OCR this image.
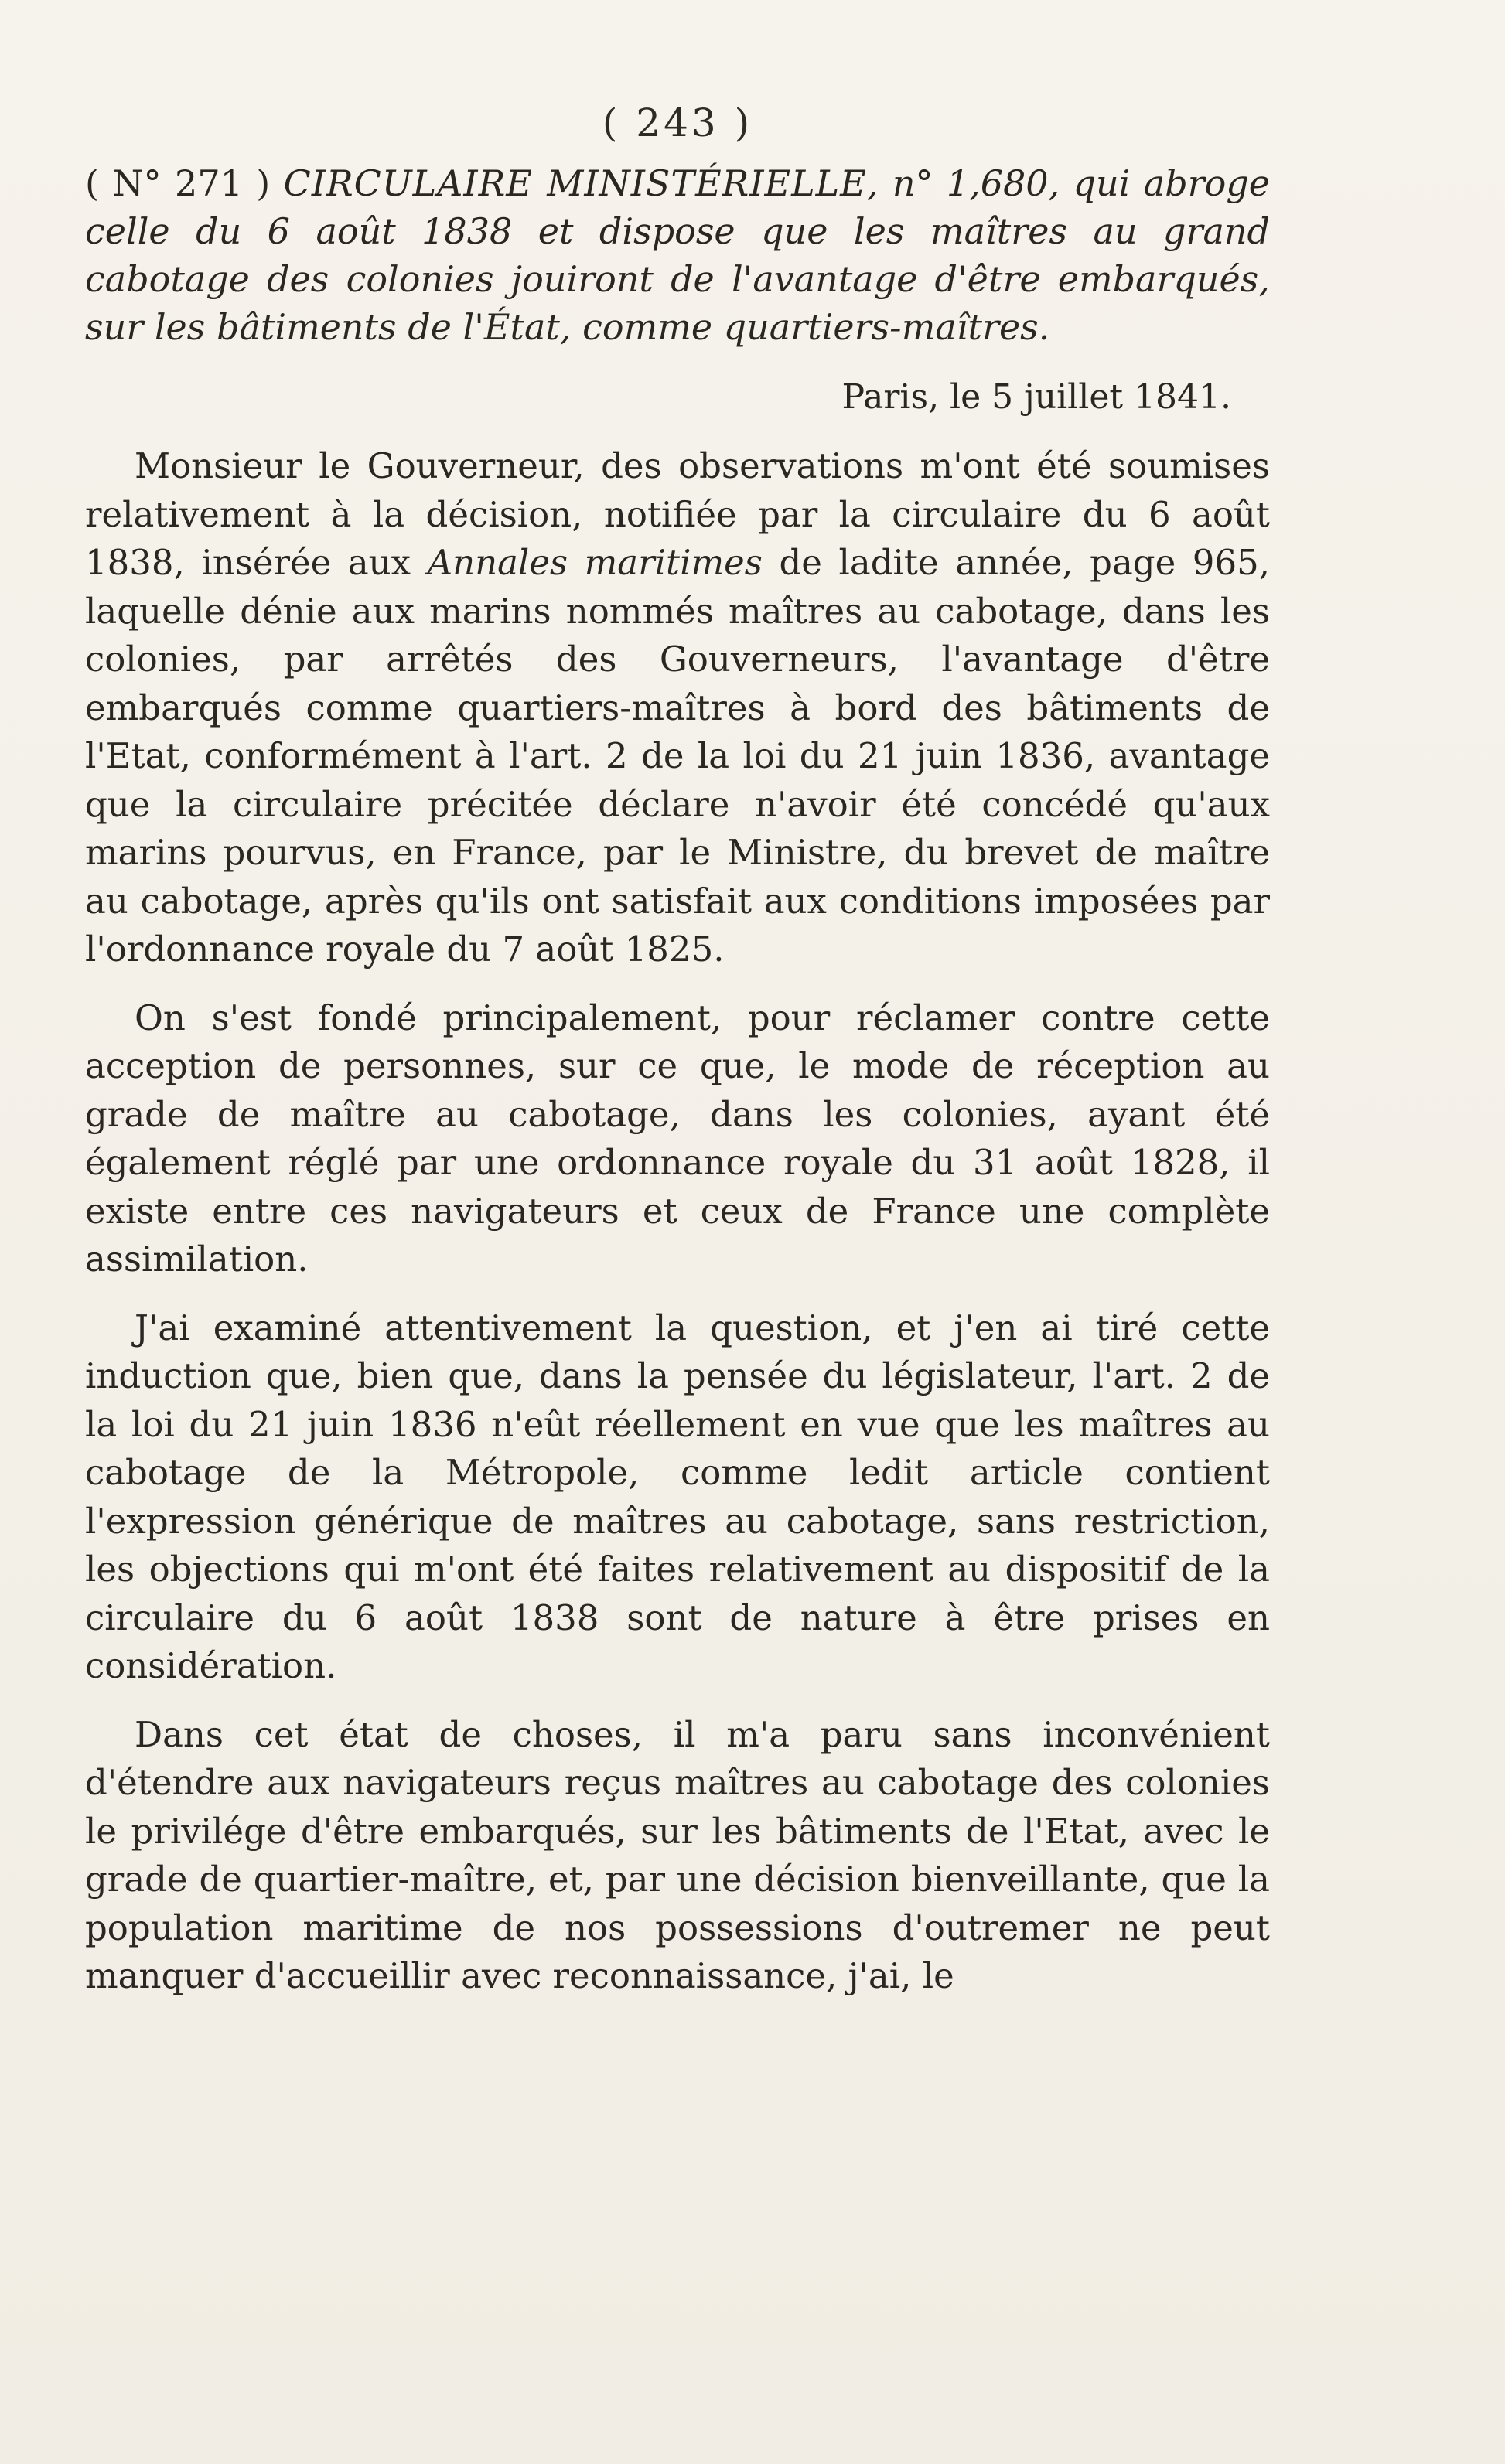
( 243 )

( N° 271 ) CIRCULAIRE MINISTÉRIELLE, n° 1,680, qui abroge celle du 6 août 1838 et dispose que les maîtres au grand cabotage des colonies jouiront de l'avantage d'être embarqués, sur les bâtiments de l'État, comme quartiers-maîtres.

Paris, le 5 juillet 1841.

Monsieur le Gouverneur, des observations m'ont été soumises relativement à la décision, notifiée par la circulaire du 6 août 1838, insérée aux Annales maritimes de ladite année, page 965, laquelle dénie aux marins nommés maîtres au cabotage, dans les colonies, par arrêtés des Gouverneurs, l'avantage d'être embarqués comme quartiers-maîtres à bord des bâtiments de l'Etat, conformément à l'art. 2 de la loi du 21 juin 1836, avantage que la circulaire précitée déclare n'avoir été concédé qu'aux marins pourvus, en France, par le Ministre, du brevet de maître au cabotage, après qu'ils ont satisfait aux conditions imposées par l'ordonnance royale du 7 août 1825.

On s'est fondé principalement, pour réclamer contre cette acception de personnes, sur ce que, le mode de réception au grade de maître au cabotage, dans les colonies, ayant été également réglé par une ordonnance royale du 31 août 1828, il existe entre ces navigateurs et ceux de France une complète assimilation.

J'ai examiné attentivement la question, et j'en ai tiré cette induction que, bien que, dans la pensée du législateur, l'art. 2 de la loi du 21 juin 1836 n'eût réellement en vue que les maîtres au cabotage de la Métropole, comme ledit article contient l'expression générique de maîtres au cabotage, sans restriction, les objections qui m'ont été faites relativement au dispositif de la circulaire du 6 août 1838 sont de nature à être prises en considération.

Dans cet état de choses, il m'a paru sans inconvénient d'étendre aux navigateurs reçus maîtres au cabotage des colonies le privilége d'être embarqués, sur les bâtiments de l'Etat, avec le grade de quartier-maître, et, par une décision bienveillante, que la population maritime de nos possessions d'outremer ne peut manquer d'accueillir avec reconnaissance, j'ai, le
